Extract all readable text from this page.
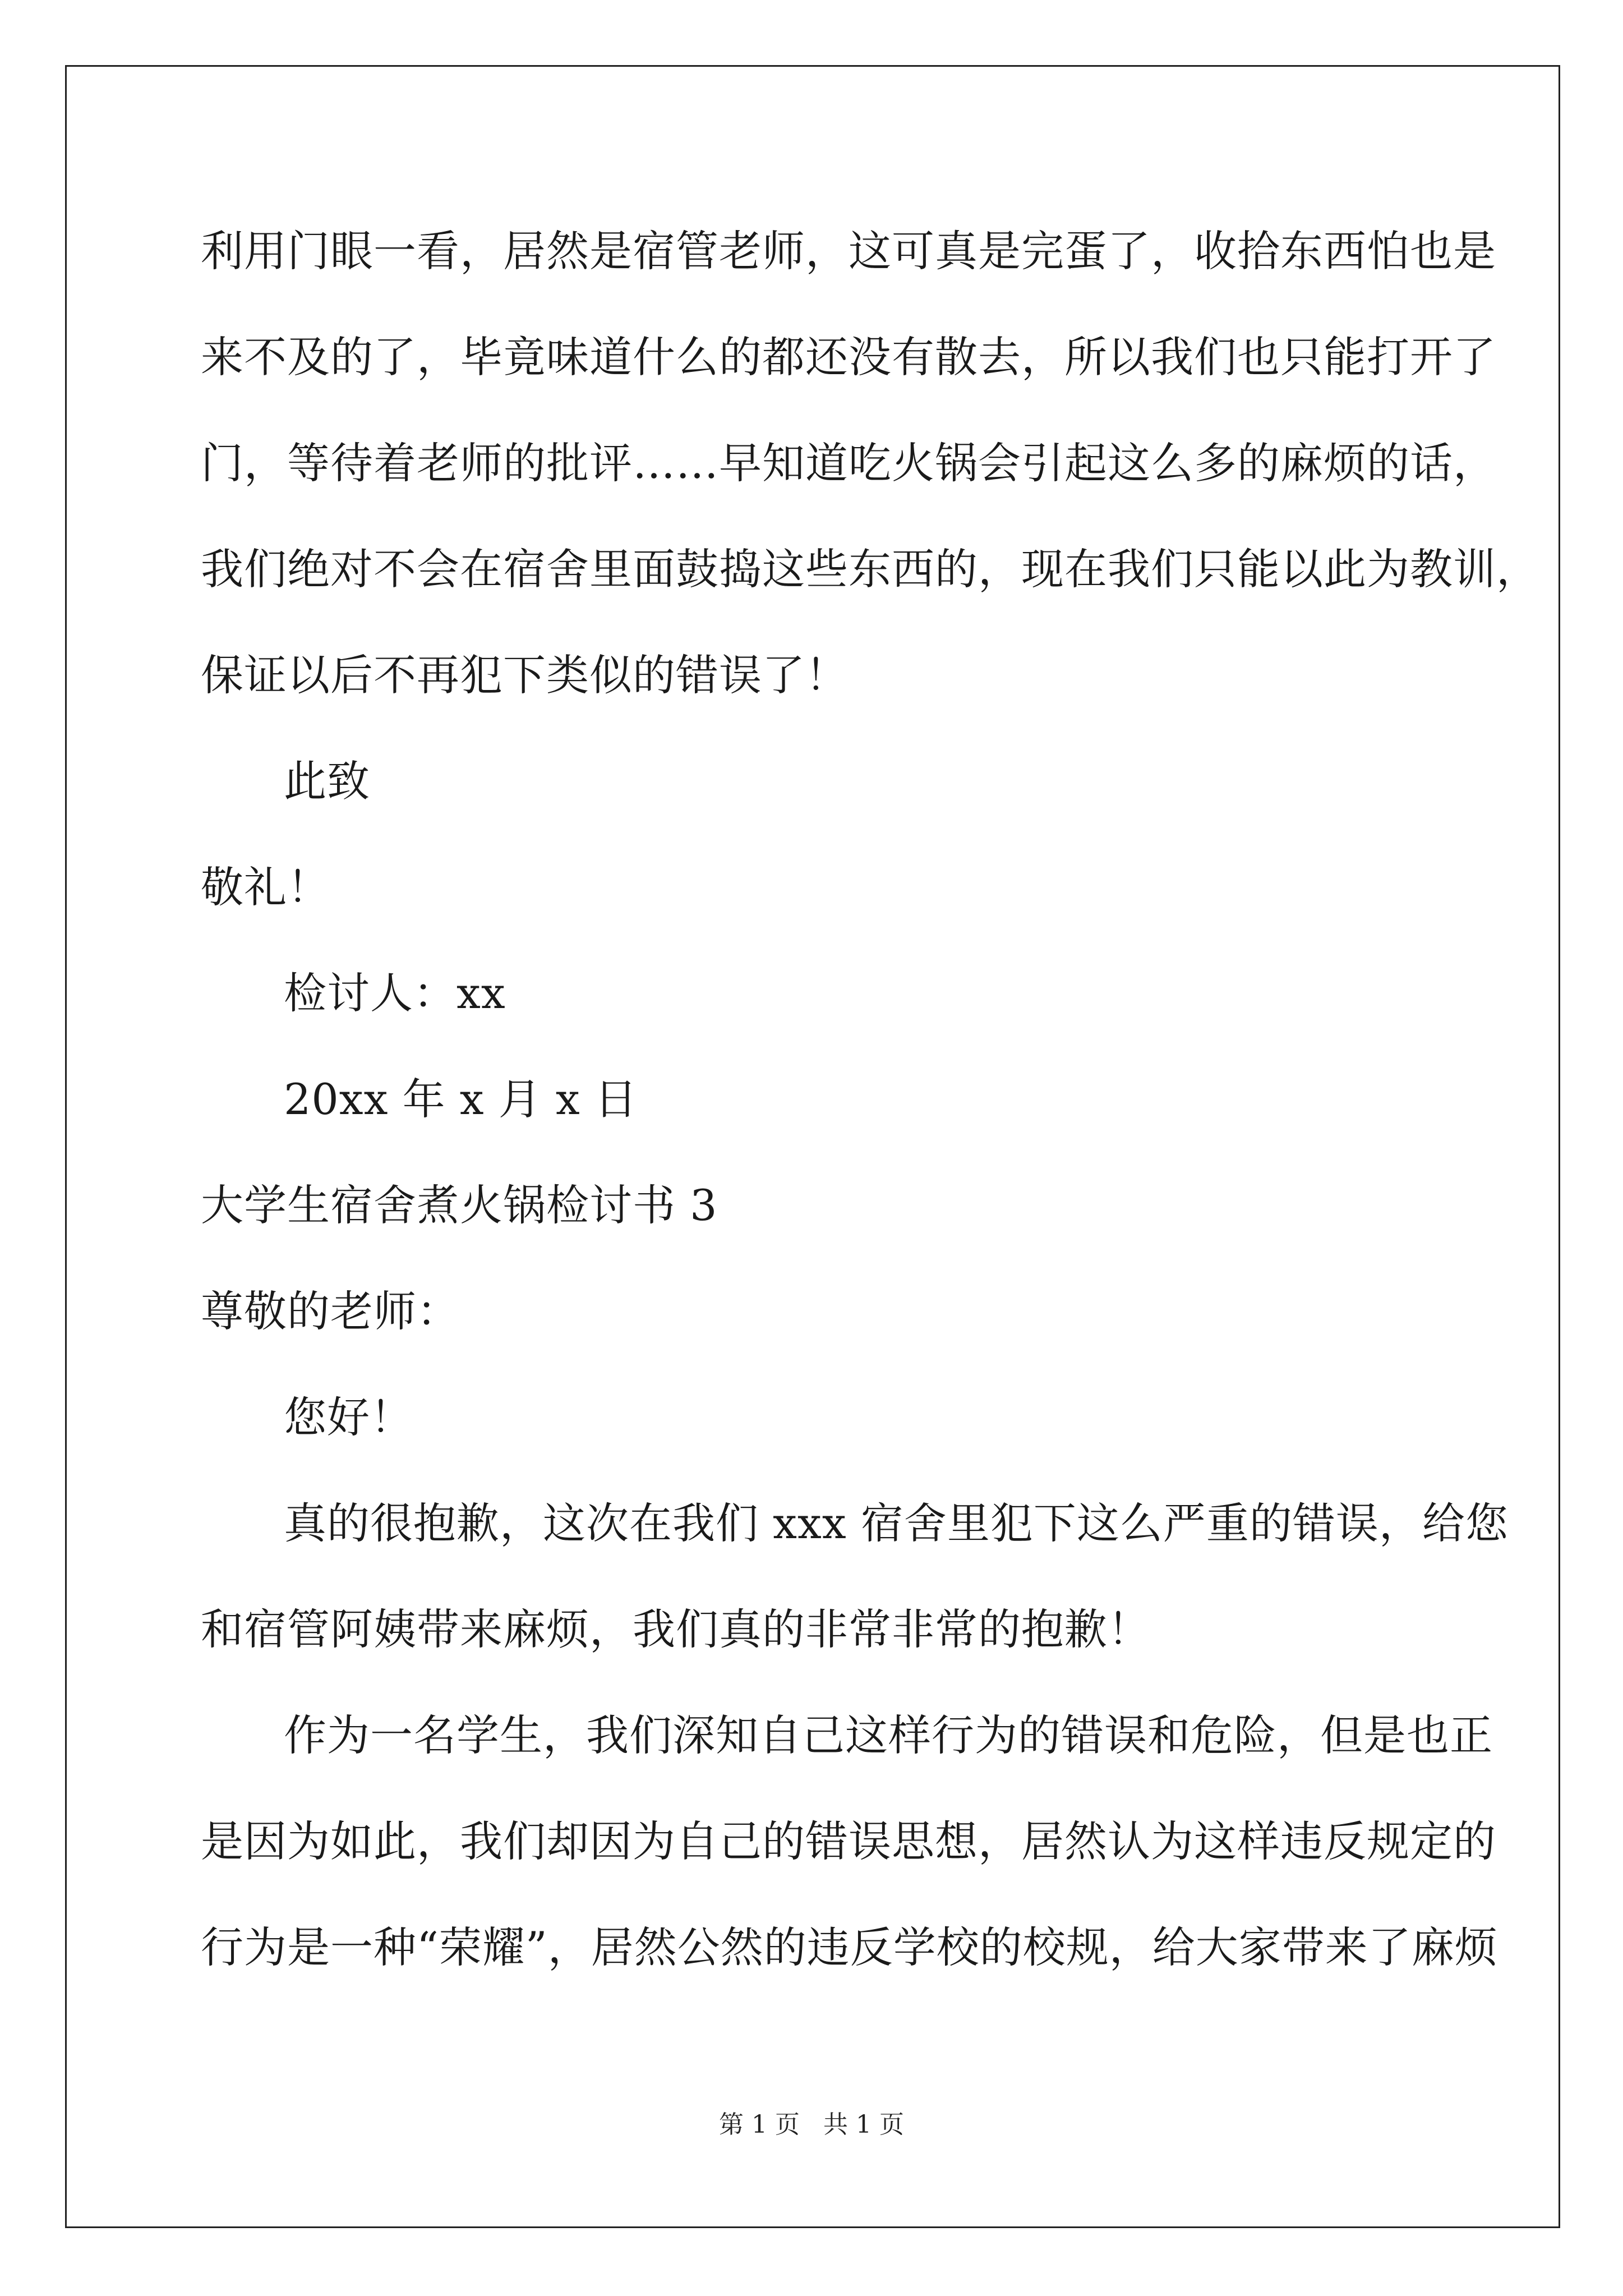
利用门眼一看，居然是宿管老师，这可真是完蛋了，收拾东西怕也是
来不及的了，毕竟味道什么的都还没有散去，所以我们也只能打开了
门，等待着老师的批评……早知道吃火锅会引起这么多的麻烦的话，
我们绝对不会在宿舍里面鼓捣这些东西的，现在我们只能以此为教训，
保证以后不再犯下类似的错误了！
此致
敬礼！
检讨人：xx
20xx 年 x 月 x 日
大学生宿舍煮火锅检讨书 3
尊敬的老师：
您好！
真的很抱歉，这次在我们 xxx 宿舍里犯下这么严重的错误，给您
和宿管阿姨带来麻烦，我们真的非常非常的抱歉！
作为一名学生，我们深知自己这样行为的错误和危险，但是也正
是因为如此，我们却因为自己的错误思想，居然认为这样违反规定的
行为是一种“荣耀”，居然公然的违反学校的校规，给大家带来了麻烦
第 1 页   共 1 页
